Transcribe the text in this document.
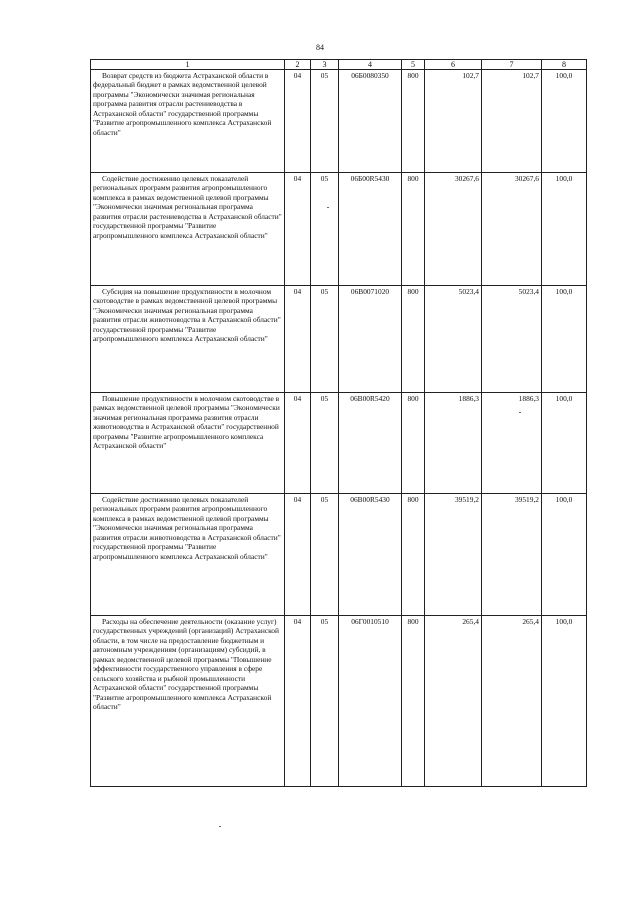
84
1	2	3	4	5	6	7	8

Возврат средств из бюджета Астраханской области в федеральный бюджет в рамках ведомственной целевой программы "Экономически значимая региональная программа развития отрасли растениеводства в Астраханской области" государственной программы "Развитие агропромышленного комплекса Астраханской области"	04	05	06Б0080350	800	102,7	102,7	100,0

Содействие достижению целевых показателей региональных программ развития агропромышленного комплекса в рамках ведомственной целевой программы "Экономически значимая региональная программа развития отрасли растениеводства в Астраханской области" государственной программы "Развитие агропромышленного комплекса Астраханской области"	04	05	06Б00R5430	800	30267,6	30267,6	100,0

Субсидия на повышение продуктивности в молочном скотоводстве в рамках ведомственной целевой программы "Экономически значимая региональная программа развития отрасли животноводства в Астраханской области" государственной программы "Развитие агропромышленного комплекса Астраханской области"	04	05	06В0071020	800	5023,4	5023,4	100,0

Повышение продуктивности в молочном скотоводстве в рамках ведомственной целевой программы "Экономически значимая региональная программа развития отрасли животноводства в Астраханской области" государственной программы "Развитие агропромышленного комплекса Астраханской области"	04	05	06В00R5420	800	1886,3	1886,3	100,0

Содействие достижению целевых показателей региональных программ развития агропромышленного комплекса в рамках ведомственной целевой программы "Экономически значимая региональная программа развития отрасли животноводства в Астраханской области" государственной программы "Развитие агропромышленного комплекса Астраханской области"	04	05	06В00R5430	800	39519,2	39519,2	100,0

Расходы на обеспечение деятельности (оказание услуг) государственных учреждений (организаций) Астраханской области, в том числе на предоставление бюджетным и автономным учреждениям (организациям) субсидий, в рамках ведомственной целевой программы "Повышение эффективности государственного управления в сфере сельского хозяйства и рыбной промышленности Астраханской области" государственной программы "Развитие агропромышленного комплекса Астраханской области"	04	05	06Г0010510	800	265,4	265,4	100,0
